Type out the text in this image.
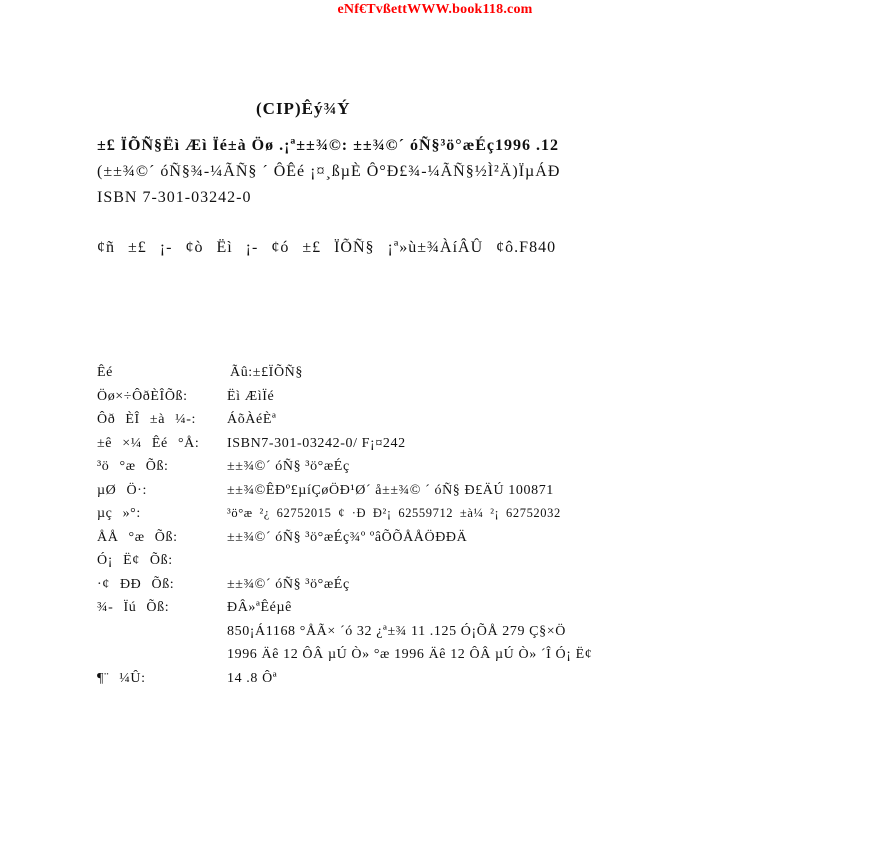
eNf€TvßettWWW.book118.com
(CIP)Êý¾Ý
±£ ÏÕÑ§Ëì Æì Ïé±à Öø .¡ª±±¾©: ±±¾©´ óÑ§³ö°æÉç1996 .12
(±±¾©´ óÑ§¾-¼ÃÑ§ ´ ÔÊé ¡¤¸ßµÈ Ô°Ð£¾-¼ÃÑ§½Ì²Ä)ÏµÁÐ
ISBN 7-301-03242-0
¢ñ ±£ ¡- ¢ò Ëì ¡- ¢ó ±£ ÏÕÑ§ ¡ª»ù±¾ÀíÂÛ ¢ô.F840
Êé	Ãû:±£ÏÕÑ§
Öø×÷ÔðÈÎÕß:	Ëì ÆìÏé
Ôð ÈÎ ±à ¼-:	ÁõÀéÈª
±ê ×¼ Êé °Å:	ISBN7-301-03242-0/ F¡¤242
³ö °æ Õß:	±±¾©´ óÑ§ ³ö°æÉç
µØ Ö·:	±±¾©ÊÐº£µíÇøÖÐ¹Ø´ å±±¾© ´ óÑ§ Ð£ÄÚ 100871
µç »°:	³ö°æ ²¿ 62752015 ¢ ·Ð Ð²¡ 62559712 ±à¼ ²¡ 62752032
ÅÅ °æ Õß:	±±¾©´ óÑ§ ³ö°æÉç¾º ºâÕÕÅÅÖÐÐÄ
Ó¡ Ë¢ Õß:
·¢ ÐÐ Õß:	±±¾©´ óÑ§ ³ö°æÉç
¾- Ïú Õß:	ÐÂ»ªÊéµê
850¡Á1168 °ÅÃ× ´ó 32 ¿ª±¾ 11 .125 Ó¡ÕÅ 279 Ç§×Ö
1996 Äê 12 ÔÂ µÚ Ò» °æ 1996 Äê 12 ÔÂ µÚ Ò» ´Î Ó¡ Ë¢
¶¨ ¼Û:	14 .8 Ôª
